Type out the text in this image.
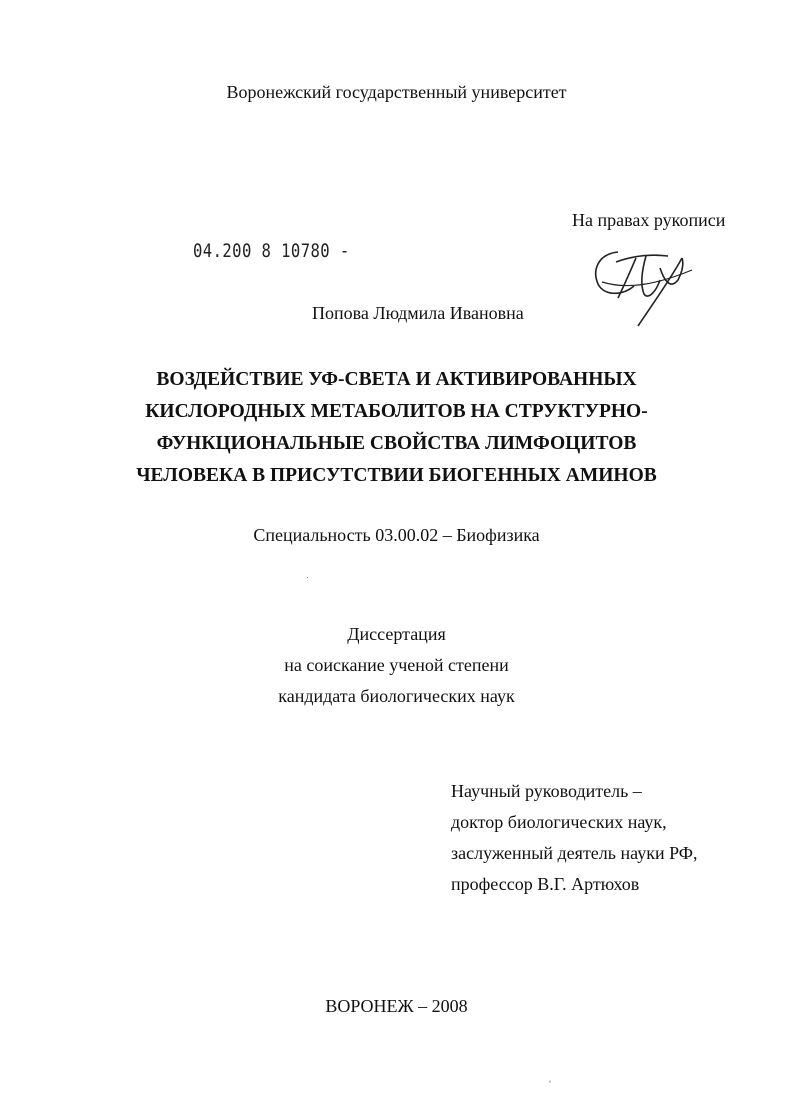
Воронежский государственный университет
На правах рукописи
04.200 8 10780 -
Попова Людмила Ивановна
ВОЗДЕЙСТВИЕ УФ-СВЕТА И АКТИВИРОВАННЫХ
КИСЛОРОДНЫХ МЕТАБОЛИТОВ НА СТРУКТУРНО-
ФУНКЦИОНАЛЬНЫЕ СВОЙСТВА ЛИМФОЦИТОВ
ЧЕЛОВЕКА В ПРИСУТСТВИИ БИОГЕННЫХ АМИНОВ
Специальность 03.00.02 – Биофизика
Диссертация
на соискание ученой степени
кандидата биологических наук
Научный руководитель –
доктор биологических наук,
заслуженный деятель науки РФ,
профессор В.Г. Артюхов
ВОРОНЕЖ – 2008
ˈ
